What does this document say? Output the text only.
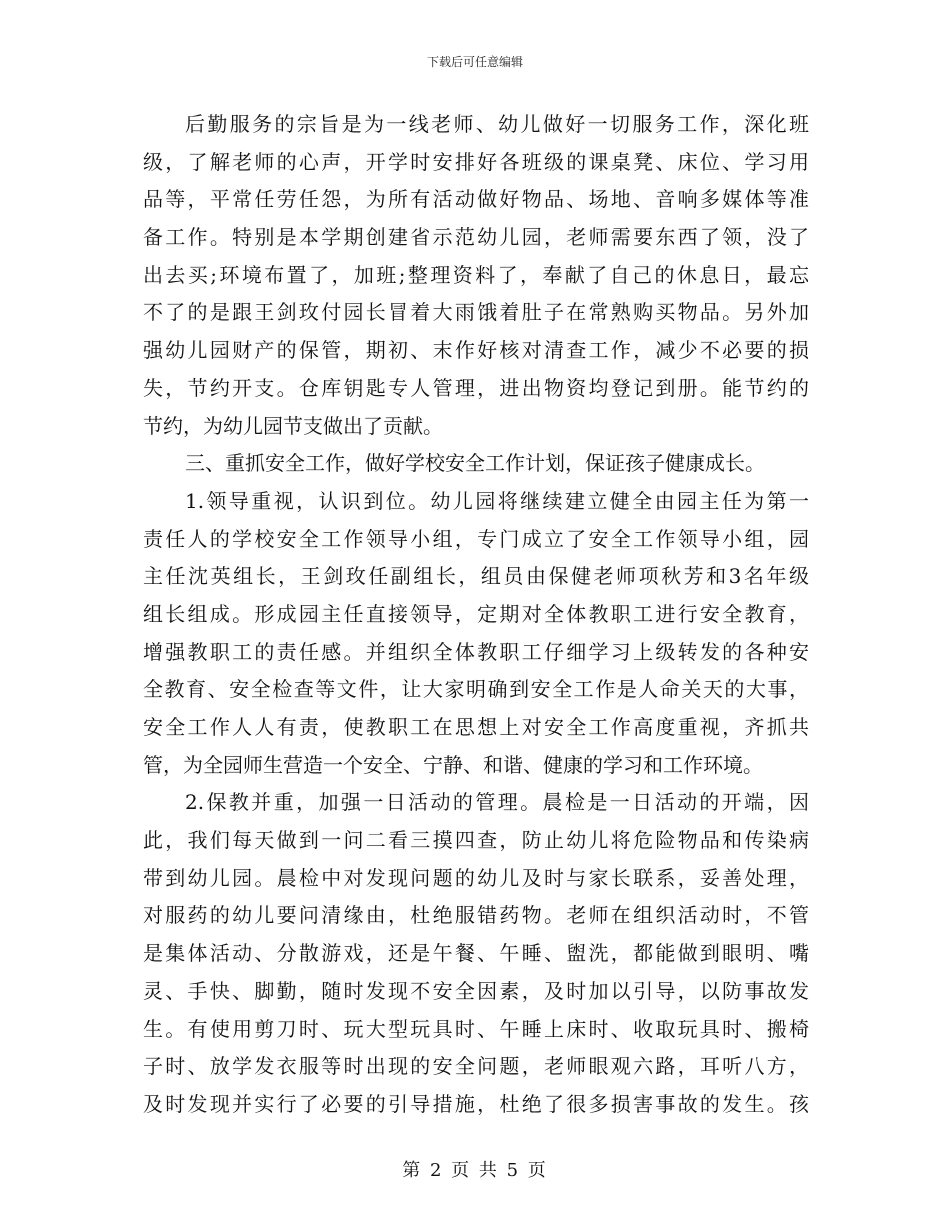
下载后可任意编辑
后勤服务的宗旨是为一线老师、幼儿做好一切服务工作，深化班
级，了解老师的心声，开学时安排好各班级的课桌凳、床位、学习用
品等，平常任劳任怨，为所有活动做好物品、场地、音响多媒体等准
备工作。特别是本学期创建省示范幼儿园，老师需要东西了领，没了
出去买;环境布置了，加班;整理资料了，奉献了自己的休息日，最忘
不了的是跟王剑玫付园长冒着大雨饿着肚子在常熟购买物品。另外加
强幼儿园财产的保管，期初、末作好核对清查工作，减少不必要的损
失，节约开支。仓库钥匙专人管理，进出物资均登记到册。能节约的
节约，为幼儿园节支做出了贡献。
三、重抓安全工作，做好学校安全工作计划，保证孩子健康成长。
1.领导重视，认识到位。幼儿园将继续建立健全由园主任为第一
责任人的学校安全工作领导小组，专门成立了安全工作领导小组，园
主任沈英组长，王剑玫任副组长，组员由保健老师项秋芳和3名年级
组长组成。形成园主任直接领导，定期对全体教职工进行安全教育，
增强教职工的责任感。并组织全体教职工仔细学习上级转发的各种安
全教育、安全检查等文件，让大家明确到安全工作是人命关天的大事，
安全工作人人有责，使教职工在思想上对安全工作高度重视，齐抓共
管，为全园师生营造一个安全、宁静、和谐、健康的学习和工作环境。
2.保教并重，加强一日活动的管理。晨检是一日活动的开端，因
此，我们每天做到一问二看三摸四查，防止幼儿将危险物品和传染病
带到幼儿园。晨检中对发现问题的幼儿及时与家长联系，妥善处理，
对服药的幼儿要问清缘由，杜绝服错药物。老师在组织活动时，不管
是集体活动、分散游戏，还是午餐、午睡、盥洗，都能做到眼明、嘴
灵、手快、脚勤，随时发现不安全因素，及时加以引导，以防事故发
生。有使用剪刀时、玩大型玩具时、午睡上床时、收取玩具时、搬椅
子时、放学发衣服等时出现的安全问题，老师眼观六路，耳听八方，
及时发现并实行了必要的引导措施，杜绝了很多损害事故的发生。孩
第 2 页 共 5 页
